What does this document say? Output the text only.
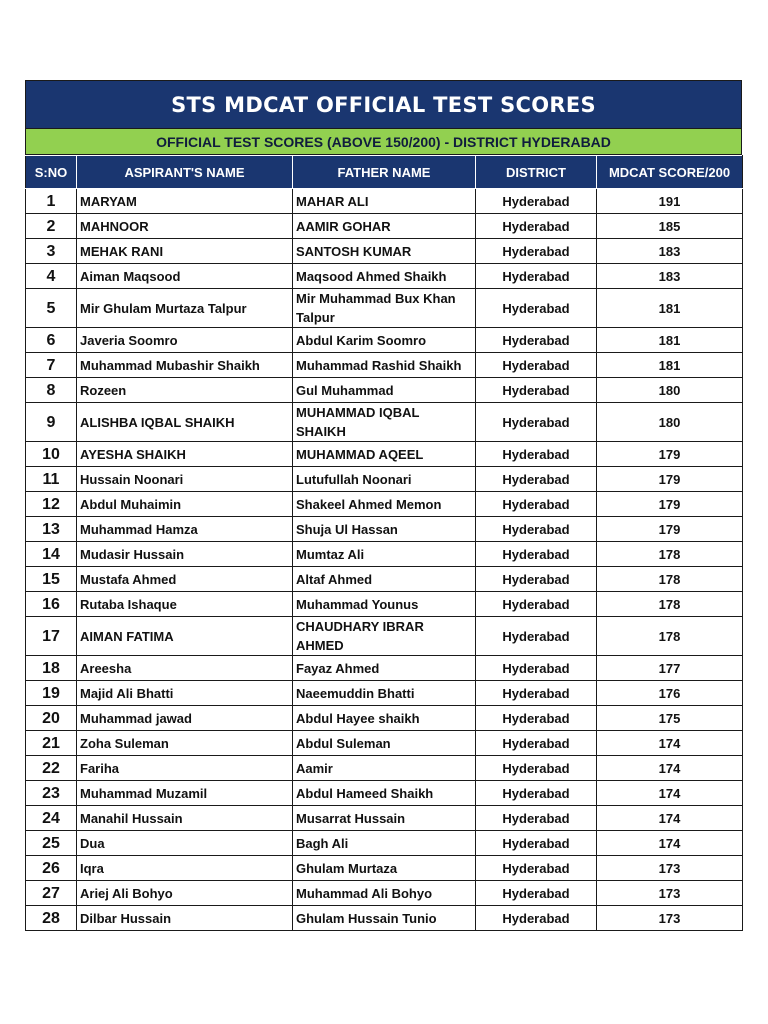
STS MDCAT OFFICIAL TEST SCORES
OFFICIAL TEST SCORES (ABOVE 150/200) - DISTRICT HYDERABAD
S:NO	ASPIRANT'S NAME	FATHER NAME	DISTRICT	MDCAT SCORE/200
1	MARYAM	MAHAR ALI	Hyderabad	191
2	MAHNOOR	AAMIR GOHAR	Hyderabad	185
3	MEHAK RANI	SANTOSH KUMAR	Hyderabad	183
4	Aiman Maqsood	Maqsood Ahmed Shaikh	Hyderabad	183
5	Mir Ghulam Murtaza Talpur	Mir Muhammad Bux Khan Talpur	Hyderabad	181
6	Javeria Soomro	Abdul Karim Soomro	Hyderabad	181
7	Muhammad Mubashir Shaikh	Muhammad Rashid Shaikh	Hyderabad	181
8	Rozeen	Gul Muhammad	Hyderabad	180
9	ALISHBA IQBAL SHAIKH	MUHAMMAD IQBAL SHAIKH	Hyderabad	180
10	AYESHA SHAIKH	MUHAMMAD AQEEL	Hyderabad	179
11	Hussain Noonari	Lutufullah Noonari	Hyderabad	179
12	Abdul Muhaimin	Shakeel Ahmed Memon	Hyderabad	179
13	Muhammad Hamza	Shuja Ul Hassan	Hyderabad	179
14	Mudasir Hussain	Mumtaz Ali	Hyderabad	178
15	Mustafa Ahmed	Altaf Ahmed	Hyderabad	178
16	Rutaba Ishaque	Muhammad Younus	Hyderabad	178
17	AIMAN FATIMA	CHAUDHARY IBRAR AHMED	Hyderabad	178
18	Areesha	Fayaz Ahmed	Hyderabad	177
19	Majid Ali Bhatti	Naeemuddin Bhatti	Hyderabad	176
20	Muhammad jawad	Abdul Hayee shaikh	Hyderabad	175
21	Zoha Suleman	Abdul Suleman	Hyderabad	174
22	Fariha	Aamir	Hyderabad	174
23	Muhammad Muzamil	Abdul Hameed Shaikh	Hyderabad	174
24	Manahil Hussain	Musarrat Hussain	Hyderabad	174
25	Dua	Bagh Ali	Hyderabad	174
26	Iqra	Ghulam Murtaza	Hyderabad	173
27	Ariej Ali Bohyo	Muhammad Ali Bohyo	Hyderabad	173
28	Dilbar Hussain	Ghulam Hussain Tunio	Hyderabad	173
